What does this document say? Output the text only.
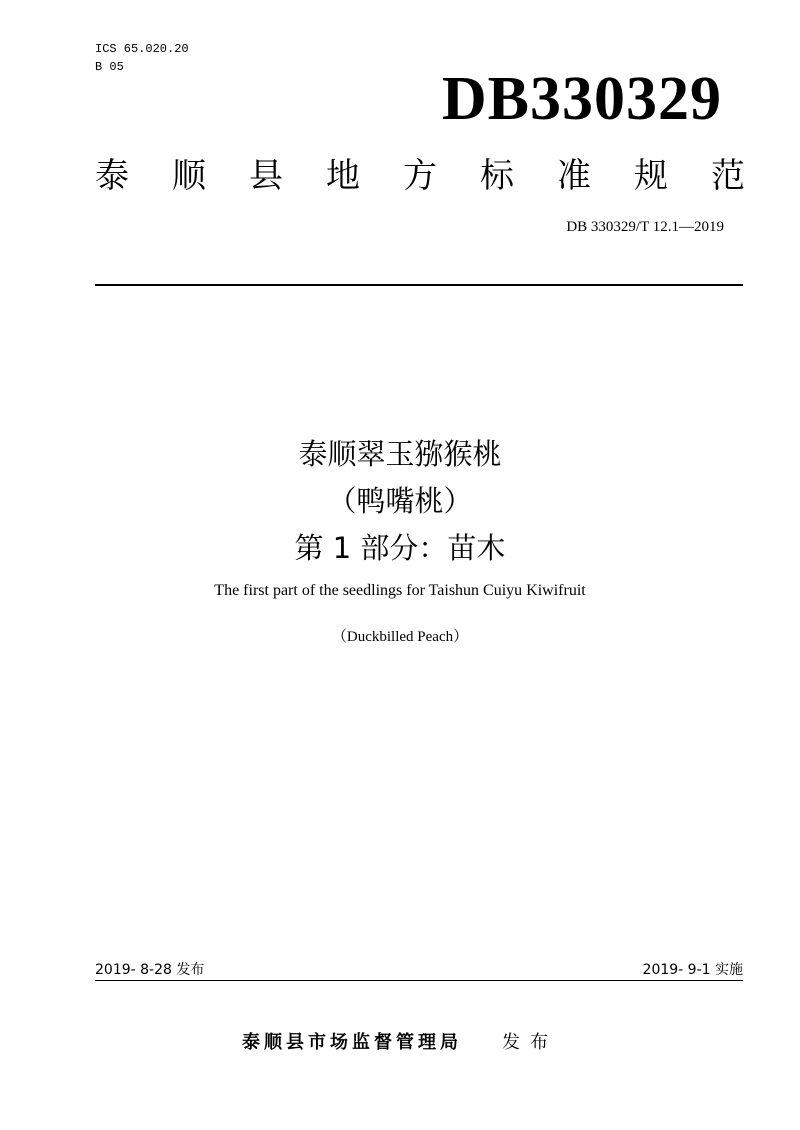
ICS 65.020.20
B 05	DB330329
泰 顺 县 地 方 标 准 规 范
DB 330329/T 12.1—2019
泰顺翠玉猕猴桃
（鸭嘴桃）
第 1 部分：苗木
The first part of the seedlings for Taishun Cuiyu Kiwifruit
（Duckbilled Peach）
2019- 8-28 发布	2019- 9-1 实施
泰顺县市场监督管理局 发布
